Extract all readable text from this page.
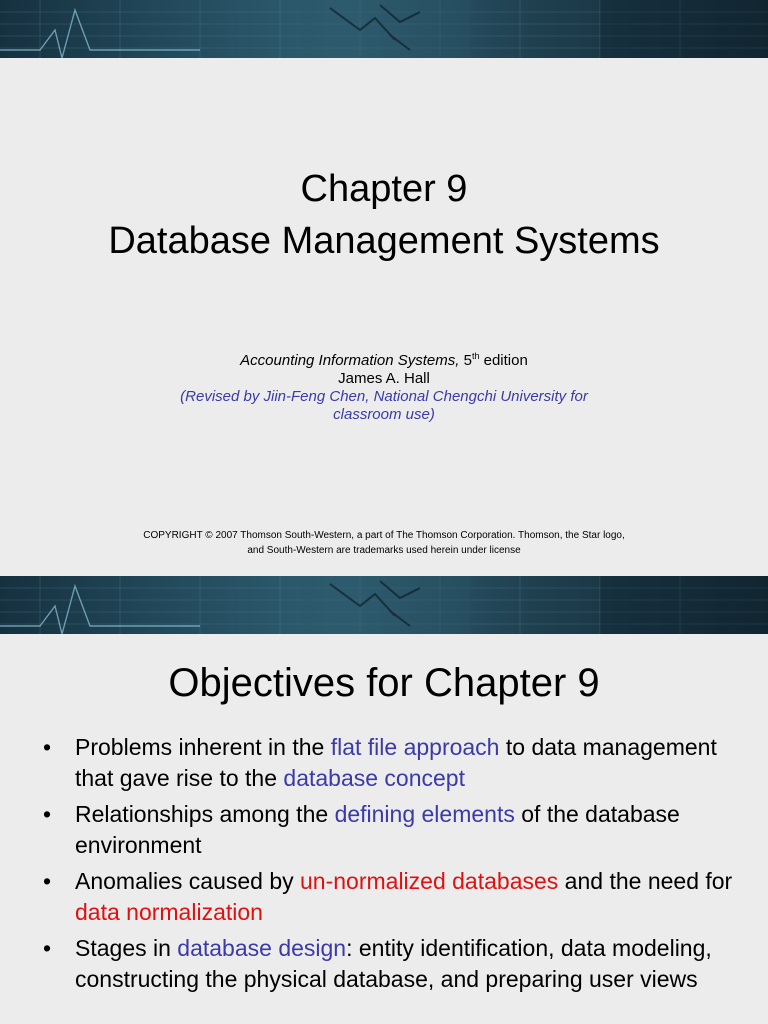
Chapter 9
Database Management Systems
Accounting Information Systems, 5th edition
James A. Hall
(Revised by Jiin-Feng Chen, National Chengchi University for
classroom use)
COPYRIGHT © 2007 Thomson South-Western, a part of The Thomson Corporation. Thomson, the Star logo,
and South-Western are trademarks used herein under license
Objectives for Chapter 9
• Problems inherent in the flat file approach to data management that gave rise to the database concept
• Relationships among the defining elements of the database environment
• Anomalies caused by un-normalized databases and the need for data normalization
• Stages in database design: entity identification, data modeling, constructing the physical database, and preparing user views
